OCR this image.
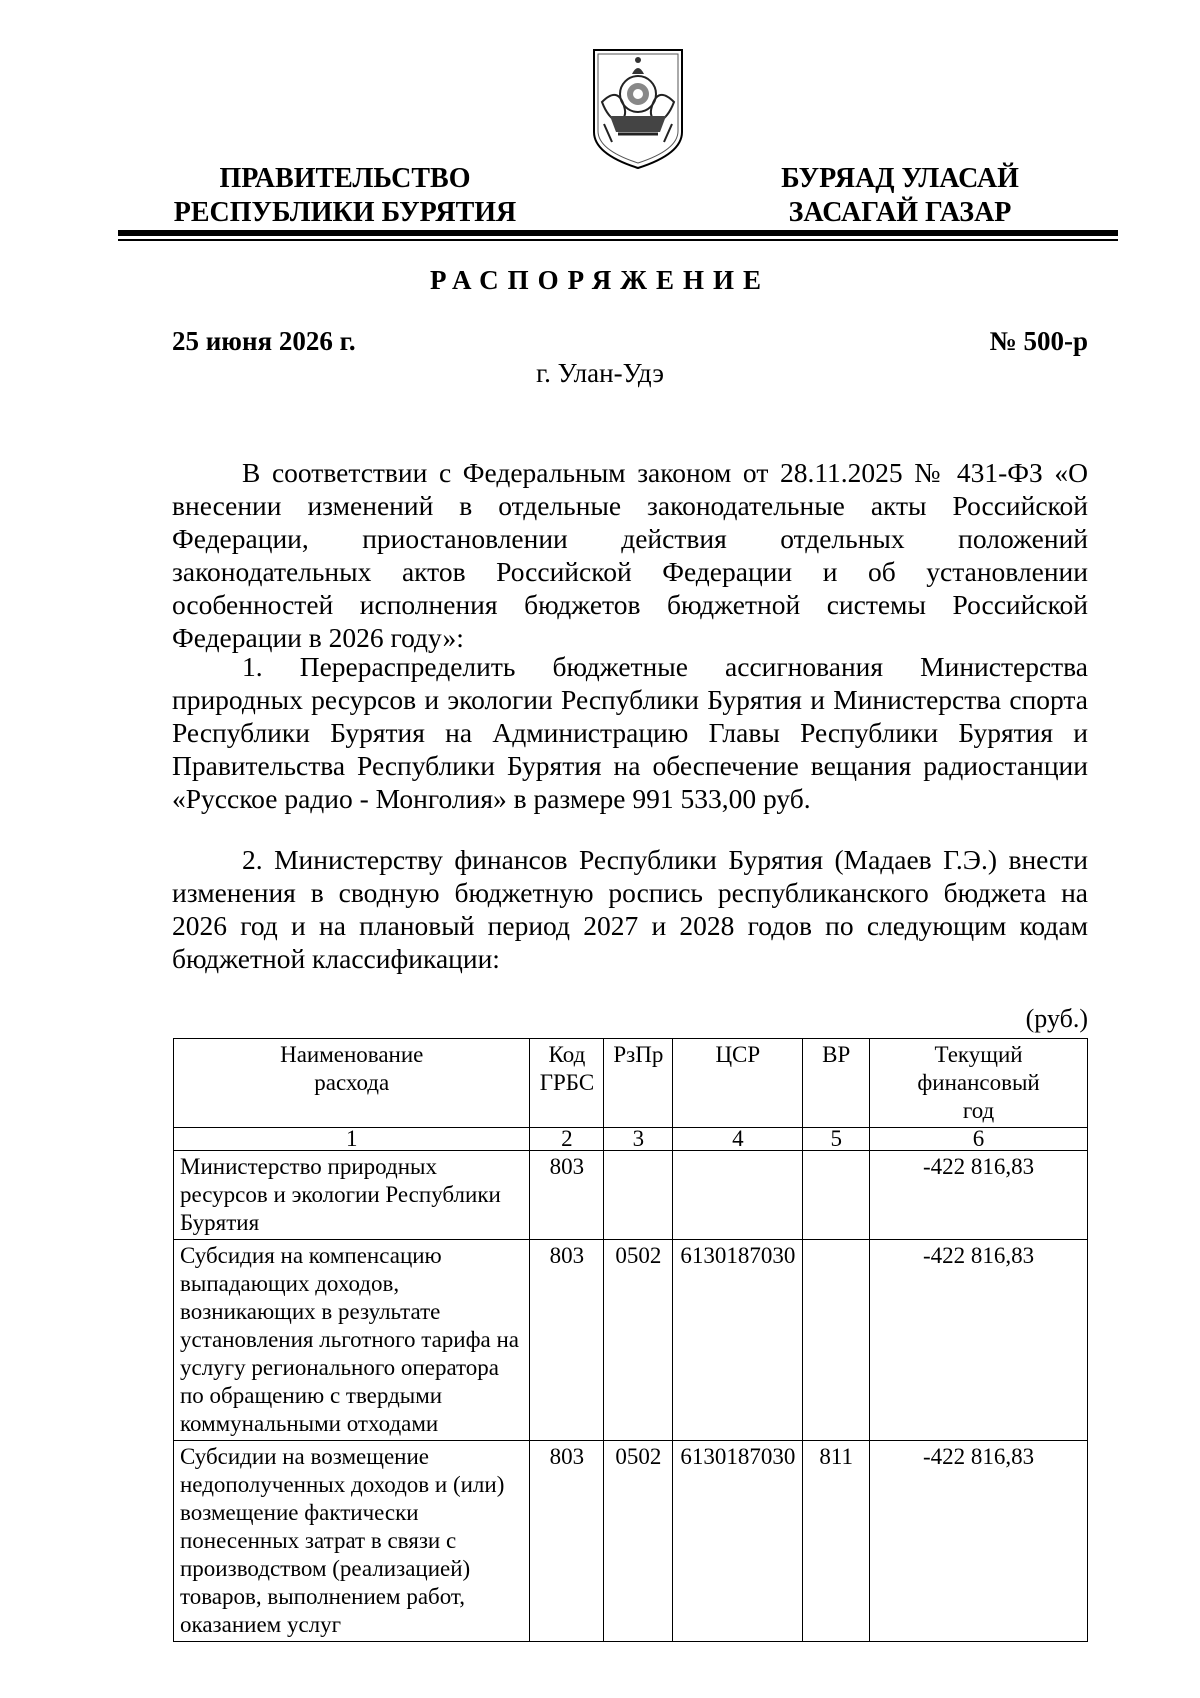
ПРАВИТЕЛЬСТВО
РЕСПУБЛИКИ БУРЯТИЯ
БУРЯАД УЛАСАЙ
ЗАСАГАЙ ГАЗАР
РАСПОРЯЖЕНИЕ
25 июня 2026 г.	№ 500-р
г. Улан-Удэ

В соответствии с Федеральным законом от 28.11.2025 № 431-ФЗ «О внесении изменений в отдельные законодательные акты Российской Федерации, приостановлении действия отдельных положений законодательных актов Российской Федерации и об установлении особенностей исполнения бюджетов бюджетной системы Российской Федерации в 2026 году»:

1. Перераспределить бюджетные ассигнования Министерства природных ресурсов и экологии Республики Бурятия и Министерства спорта Республики Бурятия на Администрацию Главы Республики Бурятия и Правительства Республики Бурятия на обеспечение вещания радиостанции «Русское радио - Монголия» в размере 991 533,00 руб.

2. Министерству финансов Республики Бурятия (Мадаев Г.Э.) внести изменения в сводную бюджетную роспись республиканского бюджета на 2026 год и на плановый период 2027 и 2028 годов по следующим кодам бюджетной классификации:

(руб.)
Наименование расхода	Код ГРБС	РзПр	ЦСР	ВР	Текущий финансовый год
1	2	3	4	5	6
Министерство природных ресурсов и экологии Республики Бурятия	803				-422 816,83
Субсидия на компенсацию выпадающих доходов, возникающих в результате установления льготного тарифа на услугу регионального оператора по обращению с твердыми коммунальными отходами	803	0502	6130187030		-422 816,83
Субсидии на возмещение недополученных доходов и (или) возмещение фактически понесенных затрат в связи с производством (реализацией) товаров, выполнением работ, оказанием услуг	803	0502	6130187030	811	-422 816,83
